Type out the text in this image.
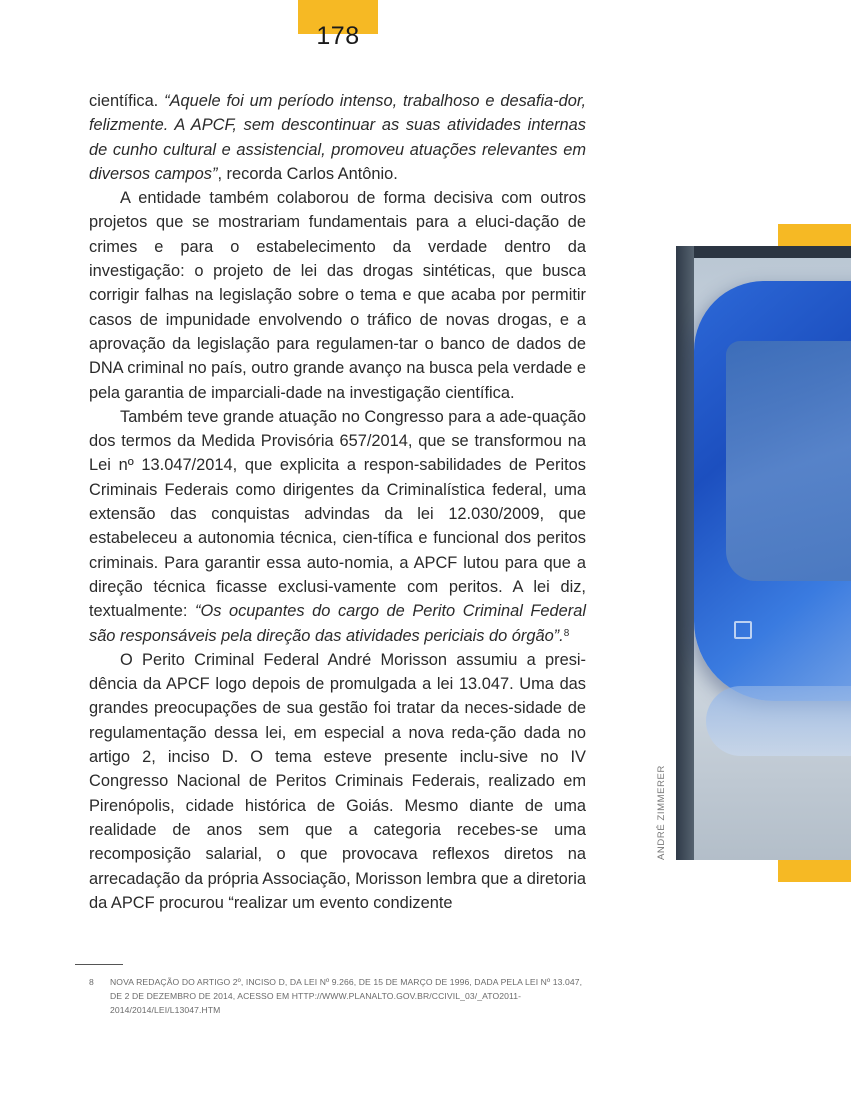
178

científica. “Aquele foi um período intenso, trabalhoso e desafia-dor, felizmente. A APCF, sem descontinuar as suas atividades internas de cunho cultural e assistencial, promoveu atuações relevantes em diversos campos”, recorda Carlos Antônio.

A entidade também colaborou de forma decisiva com outros projetos que se mostrariam fundamentais para a eluci-dação de crimes e para o estabelecimento da verdade dentro da investigação: o projeto de lei das drogas sintéticas, que busca corrigir falhas na legislação sobre o tema e que acaba por permitir casos de impunidade envolvendo o tráfico de novas drogas, e a aprovação da legislação para regulamen-tar o banco de dados de DNA criminal no país, outro grande avanço na busca pela verdade e pela garantia de imparciali-dade na investigação científica.

Também teve grande atuação no Congresso para a ade-quação dos termos da Medida Provisória 657/2014, que se transformou na Lei nº 13.047/2014, que explicita a respon-sabilidades de Peritos Criminais Federais como dirigentes da Criminalística federal, uma extensão das conquistas advindas da lei 12.030/2009, que estabeleceu a autonomia técnica, cien-tífica e funcional dos peritos criminais. Para garantir essa auto-nomia, a APCF lutou para que a direção técnica ficasse exclusi-vamente com peritos. A lei diz, textualmente: “Os ocupantes do cargo de Perito Criminal Federal são responsáveis pela direção das atividades periciais do órgão”.$^8$

O Perito Criminal Federal André Morisson assumiu a presi-dência da APCF logo depois de promulgada a lei 13.047. Uma das grandes preocupações de sua gestão foi tratar da neces-sidade de regulamentação dessa lei, em especial a nova reda-ção dada no artigo 2, inciso D. O tema esteve presente inclu-sive no IV Congresso Nacional de Peritos Criminais Federais, realizado em Pirenópolis, cidade histórica de Goiás. Mesmo diante de uma realidade de anos sem que a categoria recebes-se uma recomposição salarial, o que provocava reflexos diretos na arrecadação da própria Associação, Morisson lembra que a diretoria da APCF procurou “realizar um evento condizente

ANDRÉ ZIMMERER
8	NOVA REDAÇÃO DO ARTIGO 2º, INCISO D, DA LEI Nº 9.266, DE 15 DE MARÇO DE 1996, DADA PELA LEI Nº 13.047, DE 2 DE DEZEMBRO DE 2014, ACESSO EM HTTP://WWW.PLANALTO.GOV.BR/CCIVIL_03/_ATO2011-2014/2014/LEI/L13047.HTM
